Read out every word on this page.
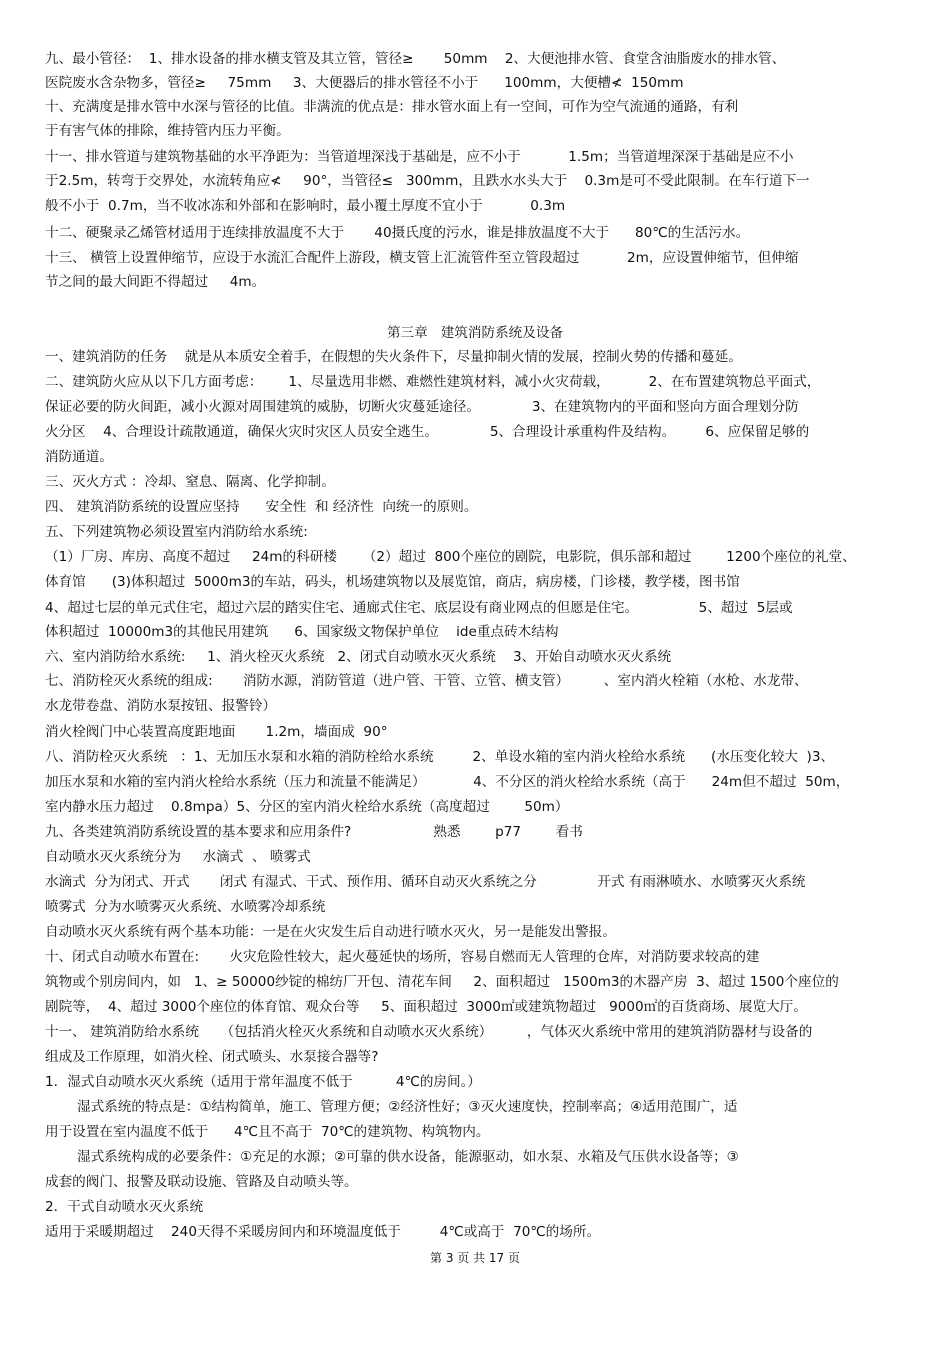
九、最小管径：  1、排水设备的排水横支管及其立管，管径≥       50mm    2、大便池排水管、食堂含油脂废水的排水管、
医院废水含杂物多，管径≥     75mm     3、大便器后的排水管径不小于      100mm，大便槽≮  150mm
十、充满度是排水管中水深与管径的比值。非满流的优点是：排水管水面上有一空间，可作为空气流通的通路，有利
于有害气体的排除，维持管内压力平衡。
十一、排水管道与建筑物基础的水平净距为：当管道埋深浅于基础是，应不小于           1.5m；当管道埋深深于基础是应不小
于2.5m，转弯于交界处，水流转角应≮     90°，当管径≤   300mm，且跌水水头大于    0.3m是可不受此限制。在车行道下一
般不小于  0.7m，当不收冰冻和外部和在影响时，最小覆土厚度不宜小于           0.3m
十二、硬聚录乙烯管材适用于连续排放温度不大于       40摄氏度的污水，谁是排放温度不大于      80℃的生活污水。
十三、 横管上设置伸缩节，应设于水流汇合配件上游段，横支管上汇流管件至立管段超过           2m，应设置伸缩节，但伸缩
节之间的最大间距不得超过     4m。
第三章   建筑消防系统及设备
一、建筑消防的任务    就是从本质安全着手，在假想的失火条件下，尽量抑制火情的发展，控制火势的传播和蔓延。
二、建筑防火应从以下几方面考虑：      1、尽量选用非燃、难燃性建筑材料，减小火灾荷载，         2、在布置建筑物总平面式，
保证必要的防火间距，减小火源对周围建筑的威胁，切断火灾蔓延途径。            3、在建筑物内的平面和竖向方面合理划分防
火分区    4、合理设计疏散通道，确保火灾时灾区人员安全逃生。            5、合理设计承重构件及结构。       6、应保留足够的
消防通道。
三、灭火方式 ：冷却、窒息、隔离、化学抑制。
四、 建筑消防系统的设置应坚持      安全性  和 经济性  向统一的原则。
五、下列建筑物必须设置室内消防给水系统:
（1）厂房、库房、高度不超过     24m的科研楼      （2）超过  800个座位的剧院，电影院，俱乐部和超过        1200个座位的礼堂、
体育馆      (3)体积超过  5000m3的车站，码头，机场建筑物以及展览馆，商店，病房楼，门诊楼，教学楼，图书馆
4、超过七层的单元式住宅，超过六层的踏实住宅、通廊式住宅、底层设有商业网点的但愿是住宅。              5、超过  5层或
体积超过  10000m3的其他民用建筑      6、国家级文物保护单位    ide重点砖木结构
六、室内消防给水系统:     1、消火栓灭火系统   2、闭式自动喷水灭火系统    3、开始自动喷水灭火系统
七、消防栓灭火系统的组成:       消防水源，消防管道（进户管、干管、立管、横支管）        、室内消火栓箱（水枪、水龙带、
水龙带卷盘、消防水泵按钮、报警铃）
消火栓阀门中心装置高度距地面       1.2m，墙面成  90°
八、消防栓灭火系统   ：1、无加压水泵和水箱的消防栓给水系统         2、单设水箱的室内消火栓给水系统      (水压变化较大  )3、
加压水泵和水箱的室内消火栓给水系统（压力和流量不能满足）           4、不分区的消火栓给水系统（高于      24m但不超过  50m，
室内静水压力超过    0.8mpa）5、分区的室内消火栓给水系统（高度超过        50m）
九、各类建筑消防系统设置的基本要求和应用条件?                   熟悉        p77        看书
自动喷水灭火系统分为     水滴式  、 喷雾式
水滴式  分为闭式、开式       闭式 有湿式、干式、预作用、循环自动灭火系统之分              开式 有雨淋喷水、水喷雾灭火系统
喷雾式  分为水喷雾灭火系统、水喷雾冷却系统
自动喷水灭火系统有两个基本功能：一是在火灾发生后自动进行喷水灭火，另一是能发出警报。
十、闭式自动喷水布置在:       火灾危险性较大，起火蔓延快的场所，容易自燃而无人管理的仓库，对消防要求较高的建
筑物或个别房间内，如   1、≥ 50000纱锭的棉纺厂开包、清花车间     2、面积超过   1500m3的木器产房  3、超过 1500个座位的
剧院等，  4、超过 3000个座位的体育馆、观众台等     5、面积超过  3000㎡或建筑物超过   9000㎡的百货商场、展览大厅。
十一、 建筑消防给水系统     （包括消火栓灭火系统和自动喷水灭火系统）        ，气体灭火系统中常用的建筑消防器材与设备的
组成及工作原理，如消火栓、闭式喷头、水泵接合器等?
1．湿式自动喷水灭火系统（适用于常年温度不低于          4℃的房间。）
湿式系统的特点是：①结构简单，施工、管理方便；②经济性好；③灭火速度快，控制率高；④适用范围广，适
用于设置在室内温度不低于      4℃且不高于  70℃的建筑物、构筑物内。
湿式系统构成的必要条件：①充足的水源；②可靠的供水设备，能源驱动，如水泵、水箱及气压供水设备等；③
成套的阀门、报警及联动设施、管路及自动喷头等。
2．干式自动喷水灭火系统
适用于采暖期超过    240天得不采暖房间内和环境温度低于         4℃或高于  70℃的场所。
第 3 页 共 17 页
